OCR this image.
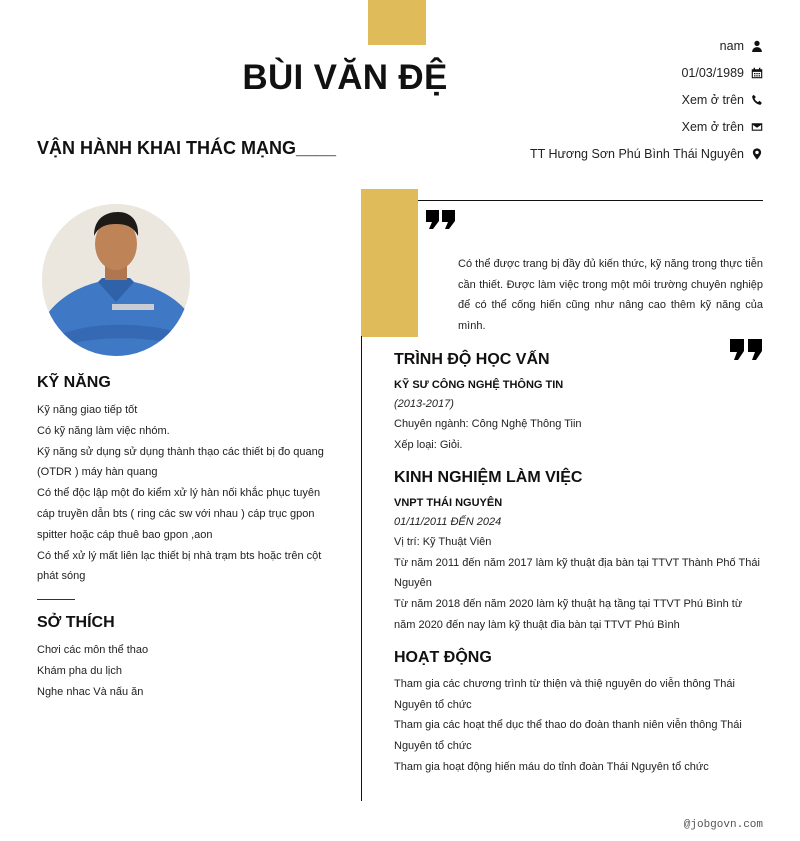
BÙI VĂN ĐỆ
VẬN HÀNH KHAI THÁC MẠNG____
nam
01/03/1989
Xem ở trên
Xem ở trên
TT Hương Sơn Phú Bình Thái Nguyên
KỸ NĂNG
Kỹ năng giao tiếp tốt
Có kỹ năng làm việc nhóm.
Kỹ năng sử dụng sử dụng thành thạo các thiết bị đo quang (OTDR ) máy hàn quang
Có thể độc lập một đo kiểm xử lý hàn nối khắc phục tuyên cáp truyền dẫn bts ( ring các sw với nhau ) cáp trục gpon spitter hoặc cáp thuê bao gpon ,aon
Có thể xử lý mất liên lạc thiết bị nhà trạm bts hoặc trên cột phát sóng
SỞ THÍCH
Chơi các môn thể thao
Khám pha du lịch
Nghe nhac Và nấu ăn
Có thể được trang bị đầy đủ kiến thức, kỹ năng trong thực tiễn cần thiết. Được làm việc trong một môi trường chuyên nghiệp để có thể cống hiến cũng như nâng cao thêm kỹ năng của mình.
TRÌNH ĐỘ HỌC VẤN
KỸ SƯ CÔNG NGHỆ THÔNG TIN
(2013-2017)
Chuyên ngành: Công Nghệ Thông Tiin
Xếp loại: Giỏi.
KINH NGHIỆM LÀM VIỆC
VNPT THÁI NGUYÊN
01/11/2011 ĐẾN 2024
Vị trí: Kỹ Thuật Viên
Từ năm 2011 đến năm 2017 làm kỹ thuật địa bàn tại TTVT Thành Phố Thái Nguyên
Từ năm 2018 đến năm 2020 làm kỹ thuật hạ tầng tại TTVT Phú Bình từ năm 2020 đến nay làm kỹ thuật đia bàn tại TTVT Phú Bình
HOẠT ĐỘNG
Tham gia các chương trình từ thiện và thiệ nguyên do viễn thông Thái Nguyên tổ chức
Tham gia các hoạt thể dục thể thao do đoàn thanh niên viễn thông Thái Nguyên tổ chức
Tham gia hoạt động hiến máu do tỉnh đoàn Thái Nguyên tổ chức
@jobgovn.com
